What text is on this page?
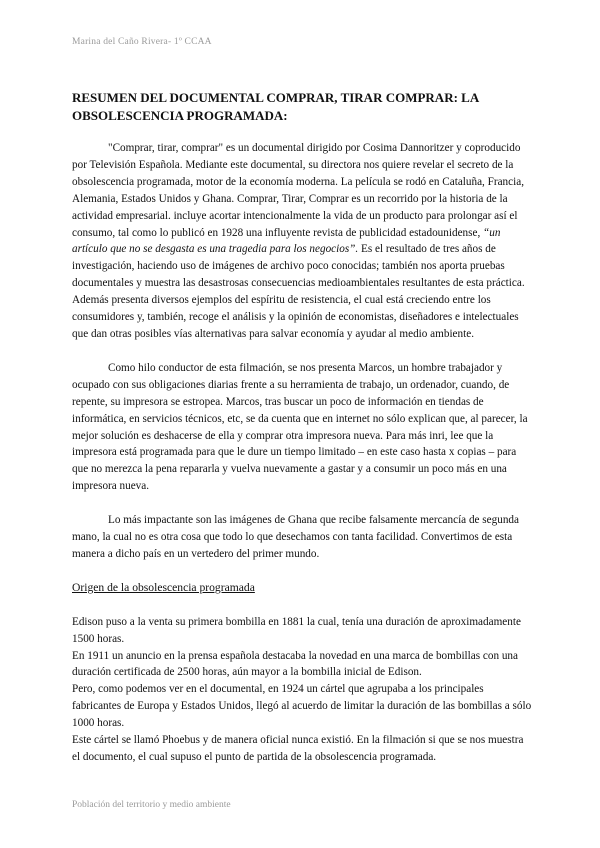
Marina del Caño Rivera- 1º CCAA
RESUMEN DEL DOCUMENTAL COMPRAR, TIRAR COMPRAR: LA OBSOLESCENCIA PROGRAMADA:

"Comprar, tirar, comprar" es un documental dirigido por Cosima Dannoritzer y coproducido por Televisión Española. Mediante este documental, su directora nos quiere revelar el secreto de la obsolescencia programada, motor de la economía moderna. La película se rodó en Cataluña, Francia, Alemania, Estados Unidos y Ghana. Comprar, Tirar, Comprar es un recorrido por la historia de la actividad empresarial. incluye acortar intencionalmente la vida de un producto para prolongar así el consumo, tal como lo publicó en 1928 una influyente revista de publicidad estadounidense, “un artículo que no se desgasta es una tragedia para los negocios”. Es el resultado de tres años de investigación, haciendo uso de imágenes de archivo poco conocidas; también nos aporta pruebas documentales y muestra las desastrosas consecuencias medioambientales resultantes de esta práctica. Además presenta diversos ejemplos del espíritu de resistencia, el cual está creciendo entre los consumidores y, también, recoge el análisis y la opinión de economistas, diseñadores e intelectuales que dan otras posibles vías alternativas para salvar economía y ayudar al medio ambiente.

Como hilo conductor de esta filmación, se nos presenta Marcos, un hombre trabajador y ocupado con sus obligaciones diarias frente a su herramienta de trabajo, un ordenador, cuando, de repente, su impresora se estropea. Marcos, tras buscar un poco de información en tiendas de informática, en servicios técnicos, etc, se da cuenta que en internet no sólo explican que, al parecer, la mejor solución es deshacerse de ella y comprar otra impresora nueva. Para más inri, lee que la impresora está programada para que le dure un tiempo limitado – en este caso hasta x copias – para que no merezca la pena repararla y vuelva nuevamente a gastar y a consumir un poco más en una impresora nueva.

Lo más impactante son las imágenes de Ghana que recibe falsamente mercancía de segunda mano, la cual no es otra cosa que todo lo que desechamos con tanta facilidad. Convertimos de esta manera a dicho país en un vertedero del primer mundo.

Origen de la obsolescencia programada

Edison puso a la venta su primera bombilla en 1881 la cual, tenía una duración de aproximadamente 1500 horas.

En 1911 un anuncio en la prensa española destacaba la novedad en una marca de bombillas con una duración certificada de 2500 horas, aún mayor a la bombilla inicial de Edison.

Pero, como podemos ver en el documental, en 1924 un cártel que agrupaba a los principales fabricantes de Europa y Estados Unidos, llegó al acuerdo de limitar la duración de las bombillas a sólo 1000 horas.

Este cártel se llamó Phoebus y de manera oficial nunca existió. En la filmación si que se nos muestra el documento, el cual supuso el punto de partida de la obsolescencia programada.

Población del territorio y medio ambiente
